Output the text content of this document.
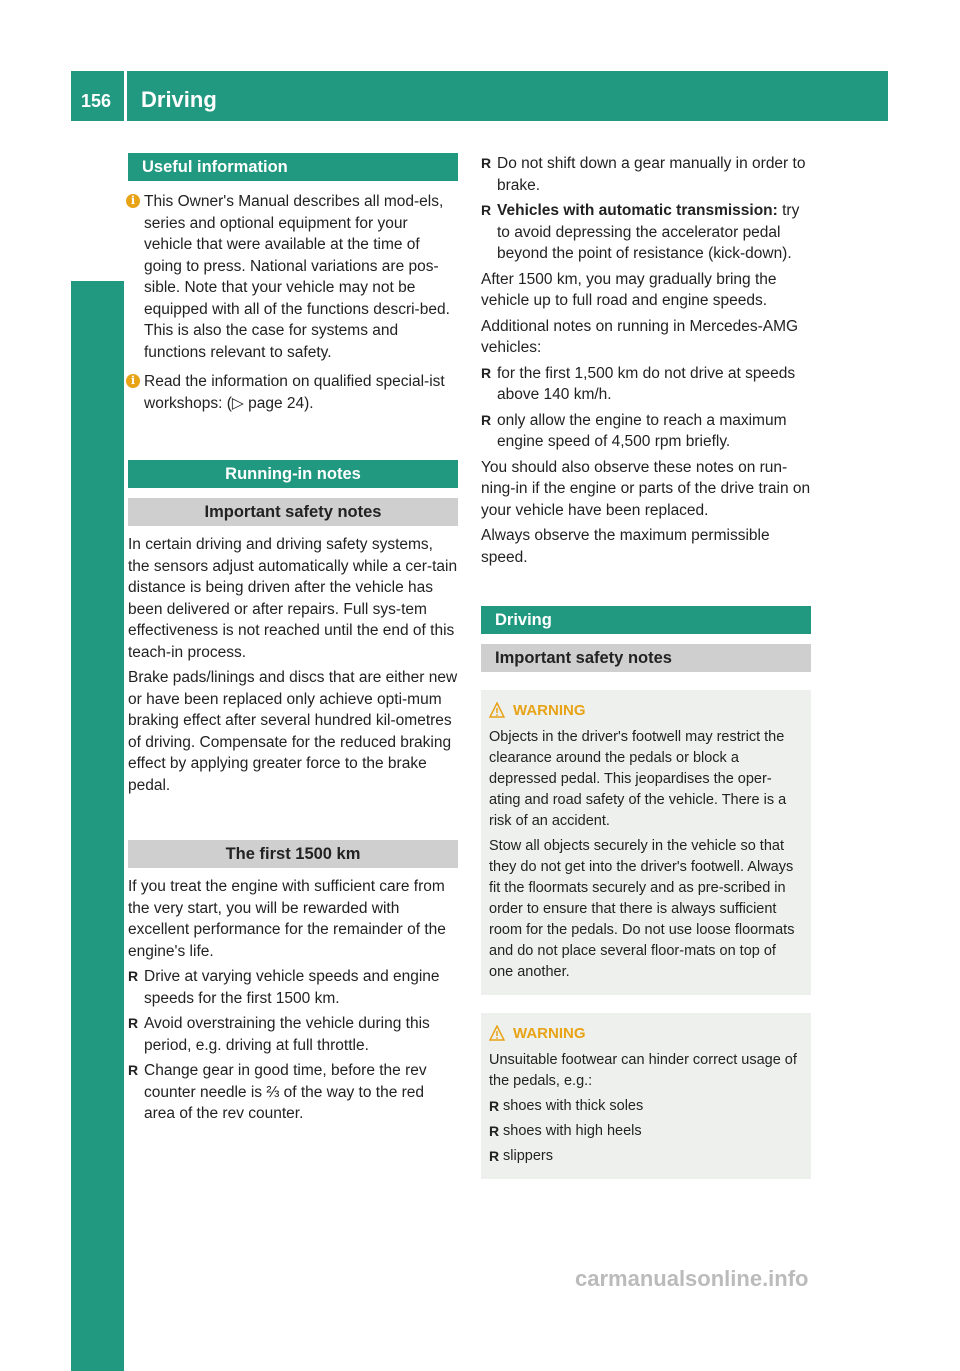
156 Driving
Useful information
i This Owner's Manual describes all mod-els, series and optional equipment for your vehicle that were available at the time of going to press. National variations are pos-sible. Note that your vehicle may not be equipped with all of the functions descri-bed. This is also the case for systems and functions relevant to safety.
i Read the information on qualified special-ist workshops: (▷ page 24).
Running-in notes
Important safety notes

In certain driving and driving safety systems, the sensors adjust automatically while a cer-tain distance is being driven after the vehicle has been delivered or after repairs. Full sys-tem effectiveness is not reached until the end of this teach-in process.

Brake pads/linings and discs that are either new or have been replaced only achieve opti-mum braking effect after several hundred kil-ometres of driving. Compensate for the reduced braking effect by applying greater force to the brake pedal.

The first 1500 km

If you treat the engine with sufficient care from the very start, you will be rewarded with excellent performance for the remainder of the engine's life.

R Drive at varying vehicle speeds and engine speeds for the first 1500 km.
R Avoid overstraining the vehicle during this period, e.g. driving at full throttle.
R Change gear in good time, before the rev counter needle is ⅔ of the way to the red area of the rev counter.
R Do not shift down a gear manually in order to brake.
R Vehicles with automatic transmission: try to avoid depressing the accelerator pedal beyond the point of resistance (kick-down).

After 1500 km, you may gradually bring the vehicle up to full road and engine speeds.

Additional notes on running in Mercedes-AMG vehicles:

R for the first 1,500 km do not drive at speeds above 140 km/h.
R only allow the engine to reach a maximum engine speed of 4,500 rpm briefly.

You should also observe these notes on run-ning-in if the engine or parts of the drive train on your vehicle have been replaced.

Always observe the maximum permissible speed.

Driving
Important safety notes
WARNING

Objects in the driver's footwell may restrict the clearance around the pedals or block a depressed pedal. This jeopardises the oper-ating and road safety of the vehicle. There is a risk of an accident.

Stow all objects securely in the vehicle so that they do not get into the driver's footwell. Always fit the floormats securely and as pre-scribed in order to ensure that there is always sufficient room for the pedals. Do not use loose floormats and do not place several floor-mats on top of one another.

WARNING

Unsuitable footwear can hinder correct usage of the pedals, e.g.:

R shoes with thick soles
R shoes with high heels
R slippers
carmanualsonline.info
